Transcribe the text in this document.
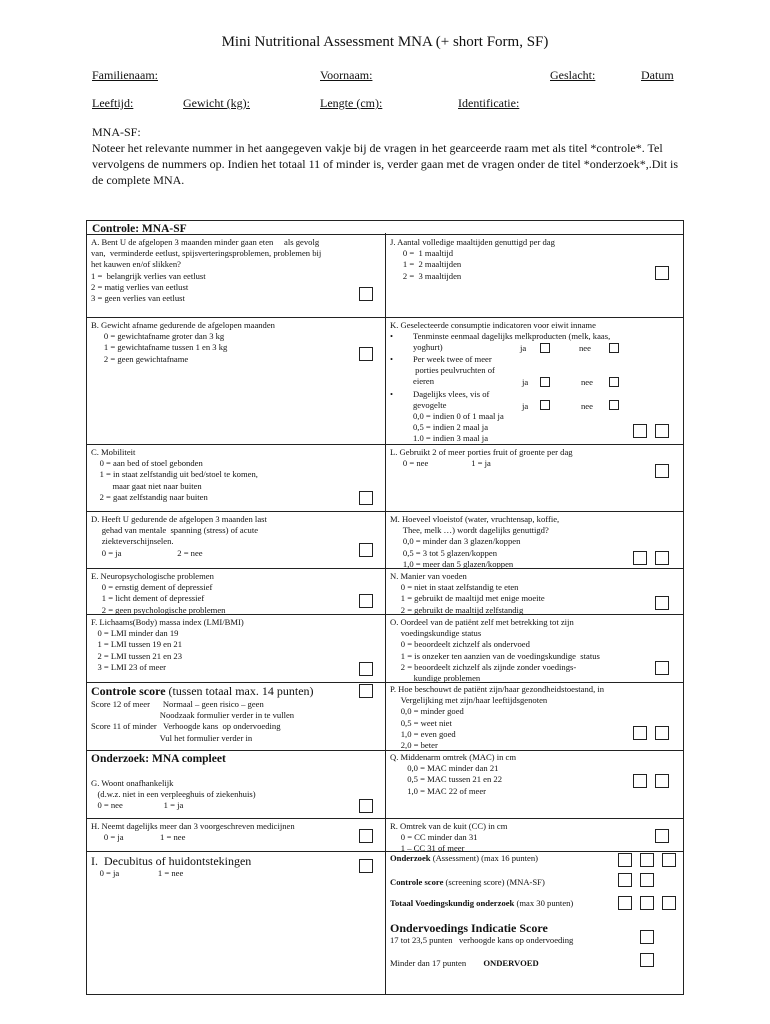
Mini Nutritional Assessment MNA (+ short Form, SF)
Familienaam:	Voornaam:	Geslacht:	Datum
Leeftijd:	Gewicht (kg):	Lengte (cm):	Identificatie:
MNA-SF:
Noteer het relevante nummer in het aangegeven vakje bij de vragen in het gearceerde raam met als titel *controle*. Tel vervolgens de nummers op. Indien het totaal 11 of minder is, verder gaan met de vragen onder de titel *onderzoek*,.Dit is de complete MNA.
Controle: MNA-SF
A. Bent U de afgelopen 3 maanden minder gaan eten     als gevolg
van,  verminderde eetlust, spijsverteringsproblemen, problemen bij
het kauwen en/of slikken?
1 =  belangrijk verlies van eetlust
2 = matig verlies van eetlust
3 = geen verlies van eetlust
J. Aantal volledige maaltijden genuttigd per dag
0 =  1 maaltijd
1 =  2 maaltijden
2 =  3 maaltijden
B. Gewicht afname gedurende de afgelopen maanden
0 = gewichtafname groter dan 3 kg
1 = gewichtafname tussen 1 en 3 kg
2 = geen gewichtafname
K. Geselecteerde consumptie indicatoren voor eiwit inname
• Tenminste eenmaal dagelijks melkproducten (melk, kaas,
yoghurt)	ja	nee
• Per week twee of meer
porties peulvruchten of
eieren	ja	nee
• Dagelijks vlees, vis of
gevogelte	ja	nee
0,0 = indien 0 of 1 maal ja
0,5 = indien 2 maal ja
1.0 = indien 3 maal ja
C. Mobiliteit
0 = aan bed of stoel gebonden
1 = in staat zelfstandig uit bed/stoel te komen,
maar gaat niet naar buiten
2 = gaat zelfstandig naar buiten
L. Gebruikt 2 of meer porties fruit of groente per dag
0 = nee                    1 = ja
D. Heeft U gedurende de afgelopen 3 maanden last
gehad van mentale  spanning (stress) of acute
ziekteverschijnselen.
0 = ja                          2 = nee
M. Hoeveel vloeistof (water, vruchtensap, koffie,
Thee, melk …) wordt dagelijks genuttigd?
0,0 = minder dan 3 glazen/koppen
0,5 = 3 tot 5 glazen/koppen
1,0 = meer dan 5 glazen/koppen
E. Neuropsychologische problemen
0 = ernstig dement of depressief
1 = licht dement of depressief
2 = geen psychologische problemen
N. Manier van voeden
0 = niet in staat zelfstandig te eten
1 = gebruikt de maaltijd met enige moeite
2 = gebruikt de maaltijd zelfstandig
F. Lichaams(Body) massa index (LMI/BMI)
0 = LMI minder dan 19
1 = LMI tussen 19 en 21
2 = LMI tussen 21 en 23
3 = LMI 23 of meer
O. Oordeel van de patiënt zelf met betrekking tot zijn
voedingskundige status
0 = beoordeelt zichzelf als ondervoed
1 = is onzeker ten aanzien van de voedingskundige  status
2 = beoordeelt zichzelf als zijnde zonder voedings-
kundige problemen
Controle score (tussen totaal max. 14 punten)
Score 12 of meer      Normaal – geen risico – geen
Noodzaak formulier verder in te vullen
Score 11 of minder   Verhoogde kans  op ondervoeding
Vul het formulier verder in
P. Hoe beschouwt de patiënt zijn/haar gezondheidstoestand, in
Vergelijking met zijn/haar leeftijdsgenoten
0,0 = minder goed
0,5 = weet niet
1,0 = even goed
2,0 = beter
Onderzoek: MNA compleet
G. Woont onafhankelijk
(d.w.z. niet in een verpleeghuis of ziekenhuis)
0 = nee                   1 = ja
Q. Middenarm omtrek (MAC) in cm
0,0 = MAC minder dan 21
0,5 = MAC tussen 21 en 22
1,0 = MAC 22 of meer
H. Neemt dagelijks meer dan 3 voorgeschreven medicijnen
0 = ja                 1 = nee
R. Omtrek van de kuit (CC) in cm
0 = CC minder dan 31
1 – CC 31 of meer
I.  Decubitus of huidontstekingen
0 = ja                  1 = nee
Onderzoek (Assessment) (max 16 punten)
Controle score (screening score) (MNA-SF)
Totaal Voedingskundig onderzoek (max 30 punten)
Ondervoedings Indicatie Score
17 tot 23,5 punten   verhoogde kans op ondervoeding
Minder dan 17 punten ONDERVOED
